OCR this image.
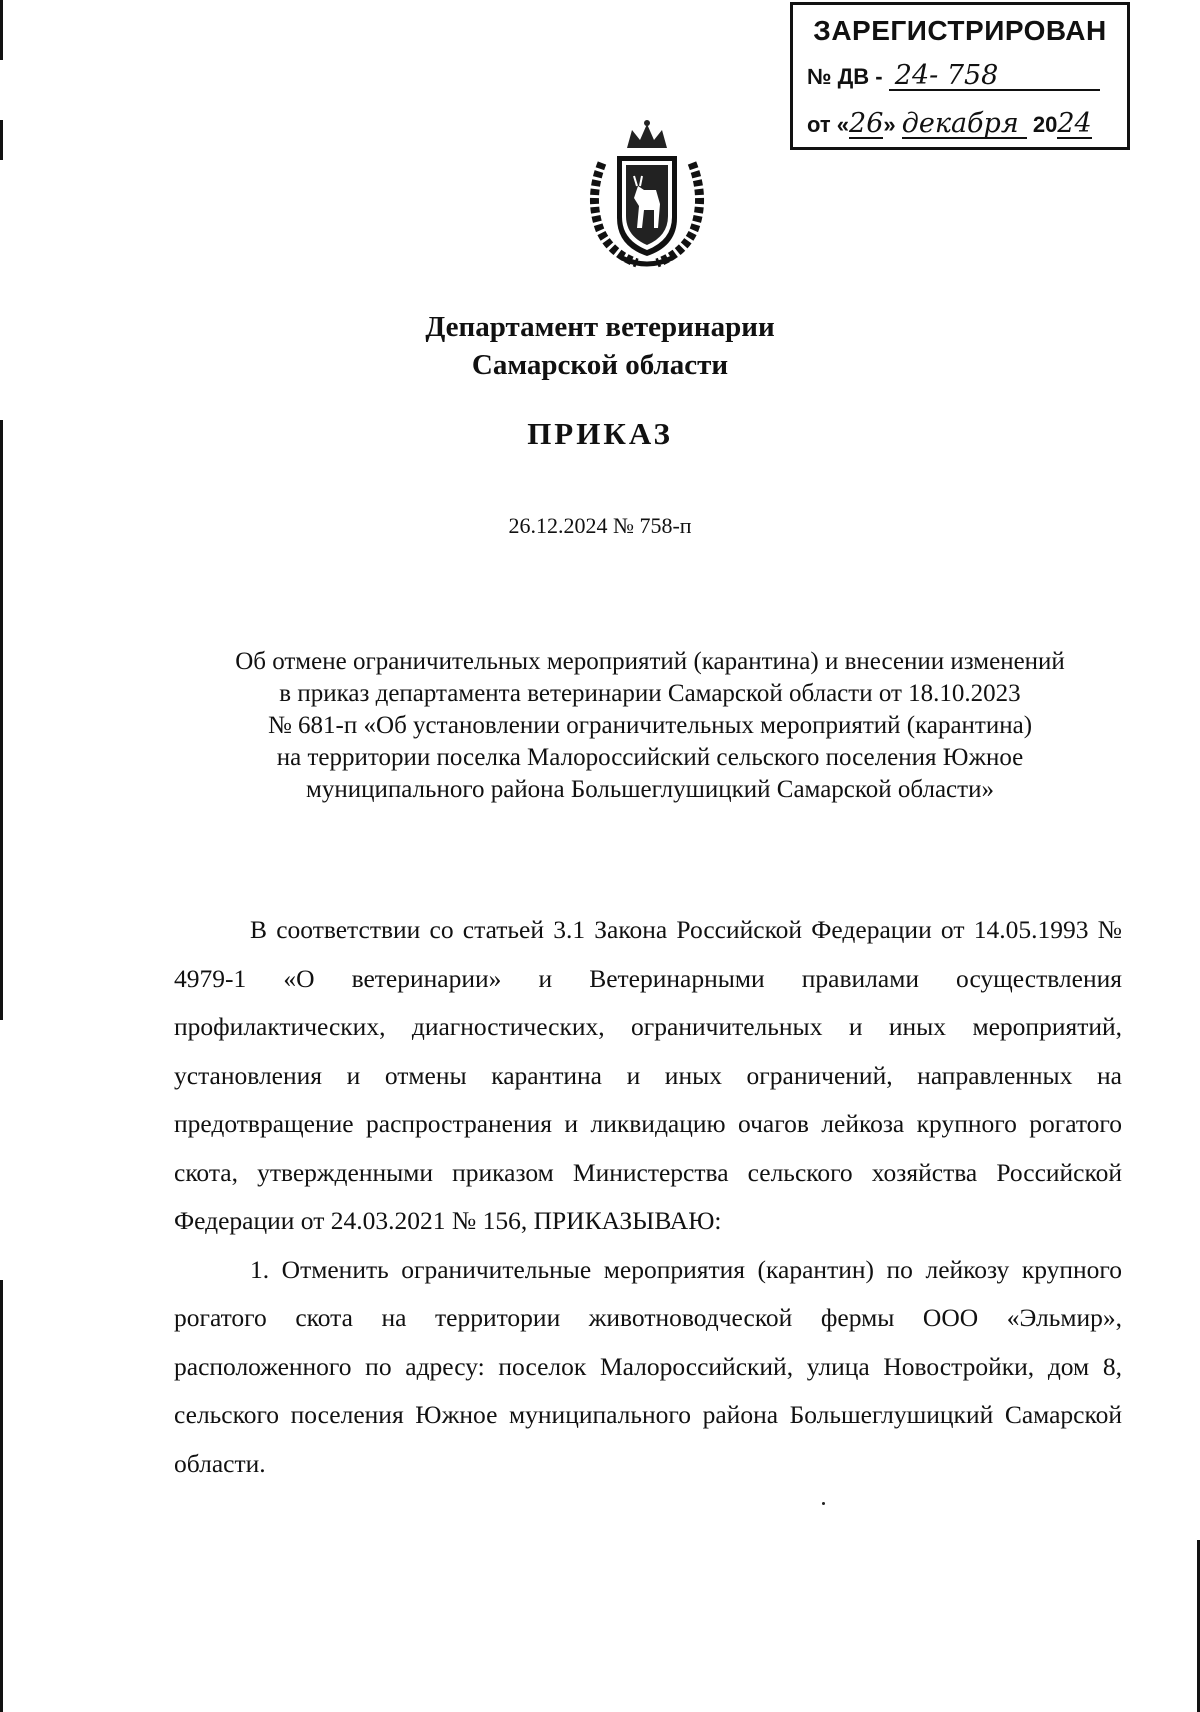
ЗАРЕГИСТРИРОВАН
№ ДВ - 24- 758
от «26» декабря 2024
Департамент ветеринарии
Самарской области
ПРИКАЗ
26.12.2024 № 758-п
Об отмене ограничительных мероприятий (карантина) и внесении изменений
в приказ департамента ветеринарии Самарской области от 18.10.2023
№ 681-п «Об установлении ограничительных мероприятий (карантина)
на территории поселка Малороссийский сельского поселения Южное
муниципального района Большеглушицкий Самарской области»

В соответствии со статьей 3.1 Закона Российской Федерации от 14.05.1993 № 4979-1 «О ветеринарии» и Ветеринарными правилами осуществления профилактических, диагностических, ограничительных и иных мероприятий, установления и отмены карантина и иных ограничений, направленных на предотвращение распространения и ликвидацию очагов лейкоза крупного рогатого скота, утвержденными приказом Министерства сельского хозяйства Российской Федерации от 24.03.2021 № 156, ПРИКАЗЫВАЮ:

1. Отменить ограничительные мероприятия (карантин) по лейкозу крупного рогатого скота на территории животноводческой фермы ООО «Эльмир», расположенного по адресу: поселок Малороссийский, улица Новостройки, дом 8, сельского поселения Южное муниципального района Большеглушицкий Самарской области.
